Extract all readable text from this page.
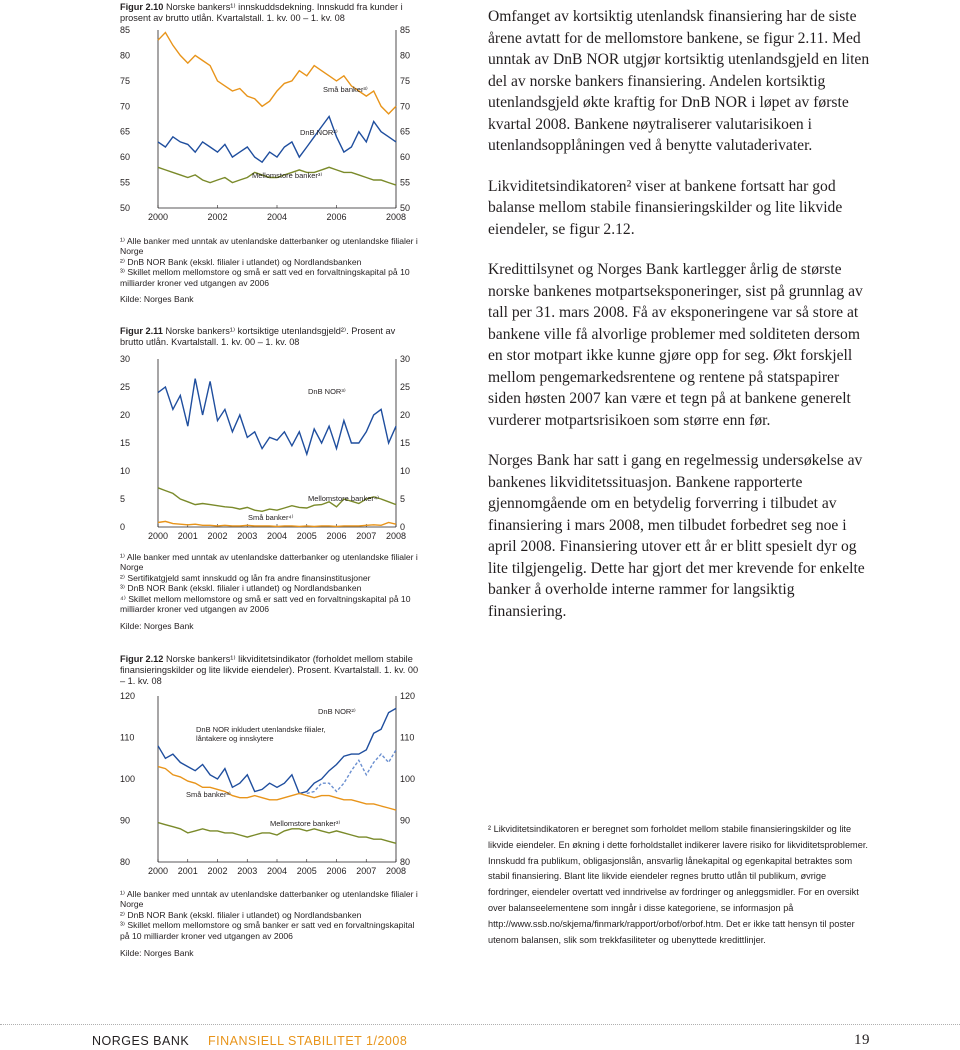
Figur 2.10 Norske bankers¹⁾ innskuddsdekning. Innskudd fra kunder i prosent av brutto utlån. Kvartalstall. 1. kv. 00 – 1. kv. 08
50	50
55	55
60	60
65	65
70	70
75	75
80	80
85	85
2000	2002	2004	2006	2008
Små banker³⁾
DnB NOR²⁾
Mellomstore banker³⁾

¹⁾ Alle banker med unntak av utenlandske datterbanker og utenlandske filialer i Norge

²⁾ DnB NOR Bank (ekskl. filialer i utlandet) og Nordlandsbanken

³⁾ Skillet mellom mellomstore og små er satt ved en forvaltningskapital på 10 milliarder kroner ved utgangen av 2006

Kilde: Norges Bank
Figur 2.11 Norske bankers¹⁾ kortsiktige utenlandsgjeld²⁾. Prosent av brutto utlån. Kvartalstall. 1. kv. 00 – 1. kv. 08
0	0
5	5
10	10
15	15
20	20
25	25
30	30
2000 2001 2002 2003 2004 2005 2006 2007 2008
DnB NOR³⁾
Mellomstore banker⁴⁾
Små banker⁴⁾

¹⁾ Alle banker med unntak av utenlandske datterbanker og utenlandske filialer i Norge

²⁾ Sertifikatgjeld samt innskudd og lån fra andre finansinstitusjoner

³⁾ DnB NOR Bank (ekskl. filialer i utlandet) og Nordlandsbanken

⁴⁾ Skillet mellom mellomstore og små er satt ved en forvaltningskapital på 10 milliarder kroner ved utgangen av 2006

Kilde: Norges Bank
Figur 2.12 Norske bankers¹⁾ likviditetsindikator (forholdet mellom stabile finansieringskilder og lite likvide eiendeler). Prosent. Kvartalstall. 1. kv. 00 – 1. kv. 08
80	80
90	90
100	100
110	110
120	120
2000 2001 2002 2003 2004 2005 2006 2007 2008
DnB NOR²⁾
DnB NOR inkludert utenlandske filialer,
låntakere og innskytere
Små banker³⁾
Mellomstore banker³⁾

¹⁾ Alle banker med unntak av utenlandske datterbanker og utenlandske filialer i Norge

²⁾ DnB NOR Bank (ekskl. filialer i utlandet) og Nordlandsbanken

³⁾ Skillet mellom mellomstore og små banker er satt ved en forvaltningskapital på 10 milliarder kroner ved utgangen av 2006

Kilde: Norges Bank

Omfanget av kortsiktig utenlandsk finansiering har de siste årene avtatt for de mellomstore bankene, se figur 2.11. Med unntak av DnB NOR utgjør kortsiktig utenlandsgjeld en liten del av norske bankers finansiering. Andelen kortsiktig utenlandsgjeld økte kraftig for DnB NOR i løpet av første kvartal 2008. Bankene nøytraliserer valutarisikoen i utenlandsopplåningen ved å benytte valutaderivater.

Likviditetsindikatoren² viser at bankene fortsatt har god balanse mellom stabile finansieringskilder og lite likvide eiendeler, se figur 2.12.

Kredittilsynet og Norges Bank kartlegger årlig de største norske bankenes motpartseksponeringer, sist på grunnlag av tall per 31. mars 2008. Få av eksponeringene var så store at bankene ville få alvorlige problemer med solditeten dersom en stor motpart ikke kunne gjøre opp for seg. Økt forskjell mellom pengemarkedsrentene og rentene på statspapirer siden høsten 2007 kan være et tegn på at bankene generelt vurderer motpartsrisikoen som større enn før.

Norges Bank har satt i gang en regelmessig undersøkelse av bankenes likviditetssituasjon. Bankene rapporterte gjennomgående om en betydelig forverring i tilbudet av finansiering i mars 2008, men tilbudet forbedret seg noe i april 2008. Finansiering utover ett år er blitt spesielt dyr og lite tilgjengelig. Dette har gjort det mer krevende for enkelte banker å overholde interne rammer for langsiktig finansiering.

² Likviditetsindikatoren er beregnet som forholdet mellom stabile finansieringskilder og lite likvide eiendeler. En økning i dette forholdstallet indikerer lavere risiko for likviditetsproblemer. Innskudd fra publikum, obligasjonslån, ansvarlig lånekapital og egenkapital betraktes som stabil finansiering. Blant lite likvide eiendeler regnes brutto utlån til publikum, øvrige fordringer, eiendeler overtatt ved inndrivelse av fordringer og anleggsmidler. For en oversikt over balanseelementene som inngår i disse kategoriene, se informasjon på http://www.ssb.no/skjema/finmark/rapport/orbof/orbof.htm. Det er ikke tatt hensyn til poster utenom balansen, slik som trekkfasiliteter og ubenyttede kredittlinjer.
NORGES BANK FINANSIELL STABILITET 1/2008	19
